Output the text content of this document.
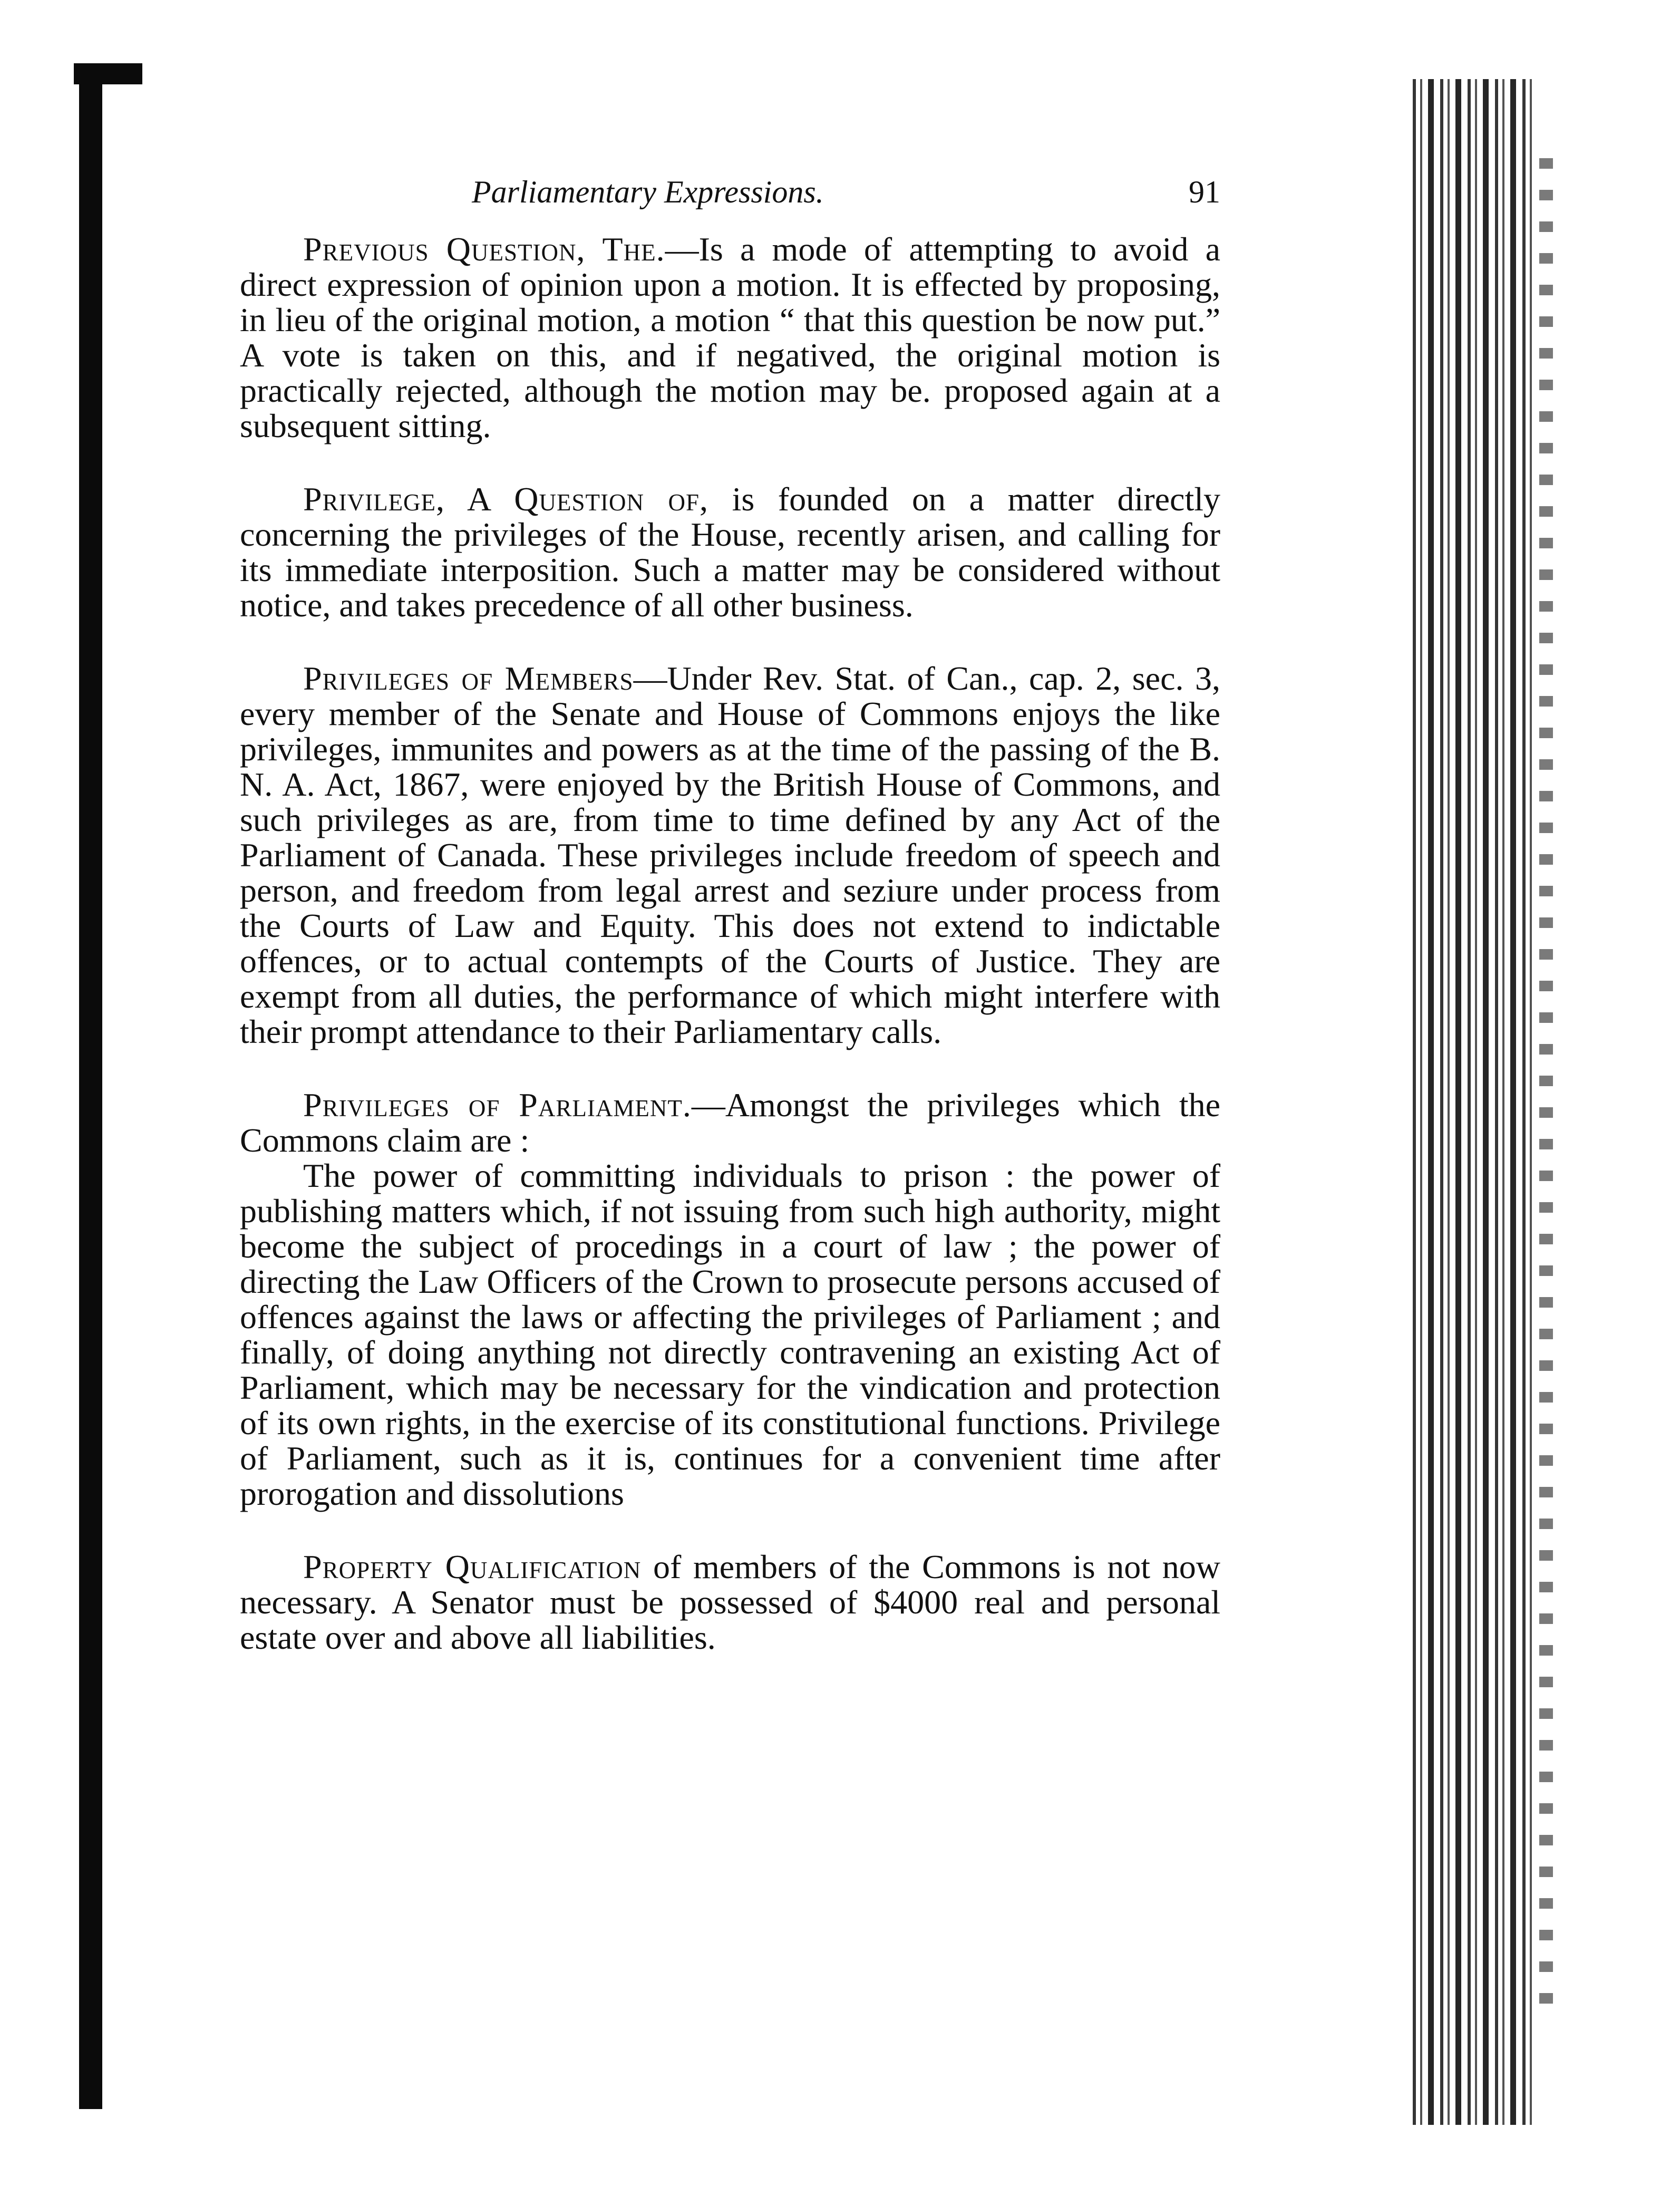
Parliamentary Expressions.	91

Previous Question, The.—Is a mode of attempting to avoid a direct expression of opinion upon a motion. It is effected by proposing, in lieu of the original motion, a motion “ that this question be now put.” A vote is taken on this, and if negatived, the original motion is practically rejected, although the motion may be. proposed again at a subsequent sitting.

Privilege, A Question of, is founded on a matter directly concerning the privileges of the House, recently arisen, and calling for its immediate interposition. Such a matter may be considered without notice, and takes precedence of all other business.

Privileges of Members—Under Rev. Stat. of Can., cap. 2, sec. 3, every member of the Senate and House of Commons enjoys the like privileges, immunites and powers as at the time of the passing of the B. N. A. Act, 1867, were enjoyed by the British House of Commons, and such privileges as are, from time to time defined by any Act of the Parliament of Canada. These privileges include freedom of speech and person, and freedom from legal arrest and seziure under process from the Courts of Law and Equity. This does not extend to indictable offences, or to actual contempts of the Courts of Justice. They are exempt from all duties, the performance of which might interfere with their prompt attendance to their Parliamentary calls.

Privileges of Parliament.—Amongst the privileges which the Commons claim are :

The power of committing individuals to prison : the power of publishing matters which, if not issuing from such high authority, might become the subject of procedings in a court of law ; the power of directing the Law Officers of the Crown to prosecute persons accused of offences against the laws or affecting the privileges of Parliament ; and finally, of doing anything not directly contravening an existing Act of Parliament, which may be necessary for the vindication and protection of its own rights, in the exercise of its constitutional functions. Privilege of Parliament, such as it is, continues for a convenient time after prorogation and dissolutions

Property Qualification of members of the Commons is not now necessary. A Senator must be possessed of $4000 real and personal estate over and above all liabilities.
